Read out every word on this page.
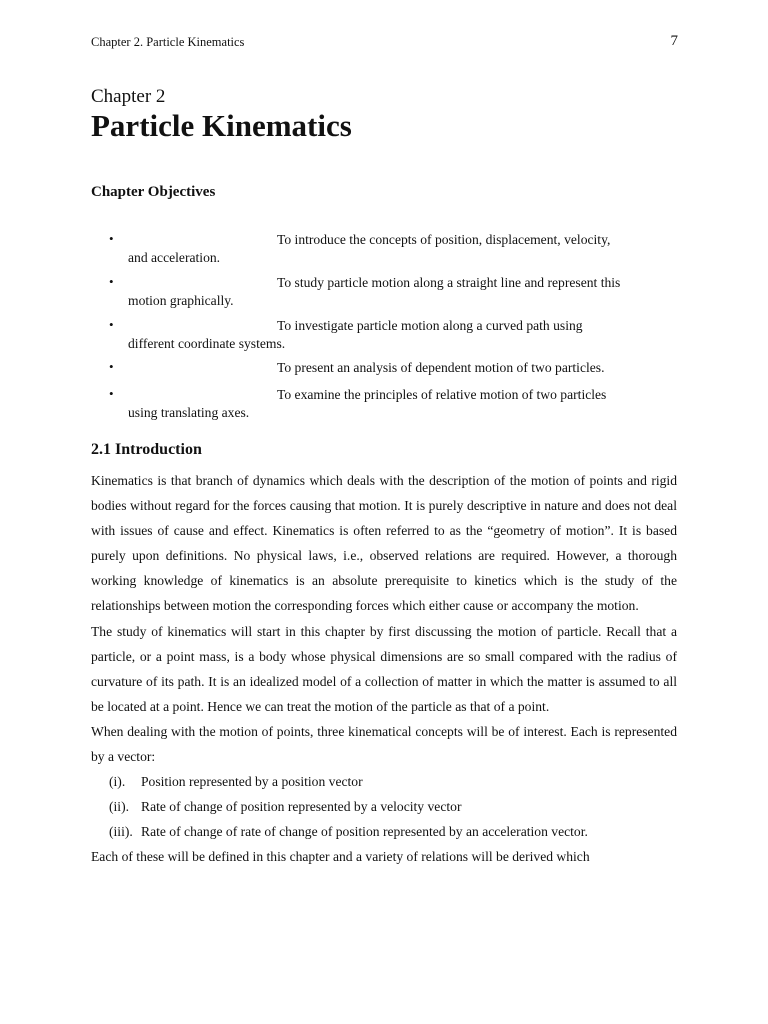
Chapter 2. Particle Kinematics	7
Chapter 2
Particle Kinematics
Chapter Objectives
•	To introduce the concepts of position, displacement, velocity,
and acceleration.
•	To study particle motion along a straight line and represent this
motion graphically.
•	To investigate particle motion along a curved path using
different coordinate systems.
•	To present an analysis of dependent motion of two particles.
•	To examine the principles of relative motion of two particles
using translating axes.
2.1 Introduction

Kinematics is that branch of dynamics which deals with the description of the motion of points and rigid bodies without regard for the forces causing that motion. It is purely descriptive in nature and does not deal with issues of cause and effect. Kinematics is often referred to as the “geometry of motion”. It is based purely upon definitions. No physical laws, i.e., observed relations are required. However, a thorough working knowledge of kinematics is an absolute prerequisite to kinetics which is the study of the relationships between motion the corresponding forces which either cause or accompany the motion.

The study of kinematics will start in this chapter by first discussing the motion of particle. Recall that a particle, or a point mass, is a body whose physical dimensions are so small compared with the radius of curvature of its path. It is an idealized model of a collection of matter in which the matter is assumed to all be located at a point. Hence we can treat the motion of the particle as that of a point.

When dealing with the motion of points, three kinematical concepts will be of interest. Each is represented by a vector:

(i). Position represented by a position vector
(ii). Rate of change of position represented by a velocity vector
(iii). Rate of change of rate of change of position represented by an acceleration vector.

Each of these will be defined in this chapter and a variety of relations will be derived which
